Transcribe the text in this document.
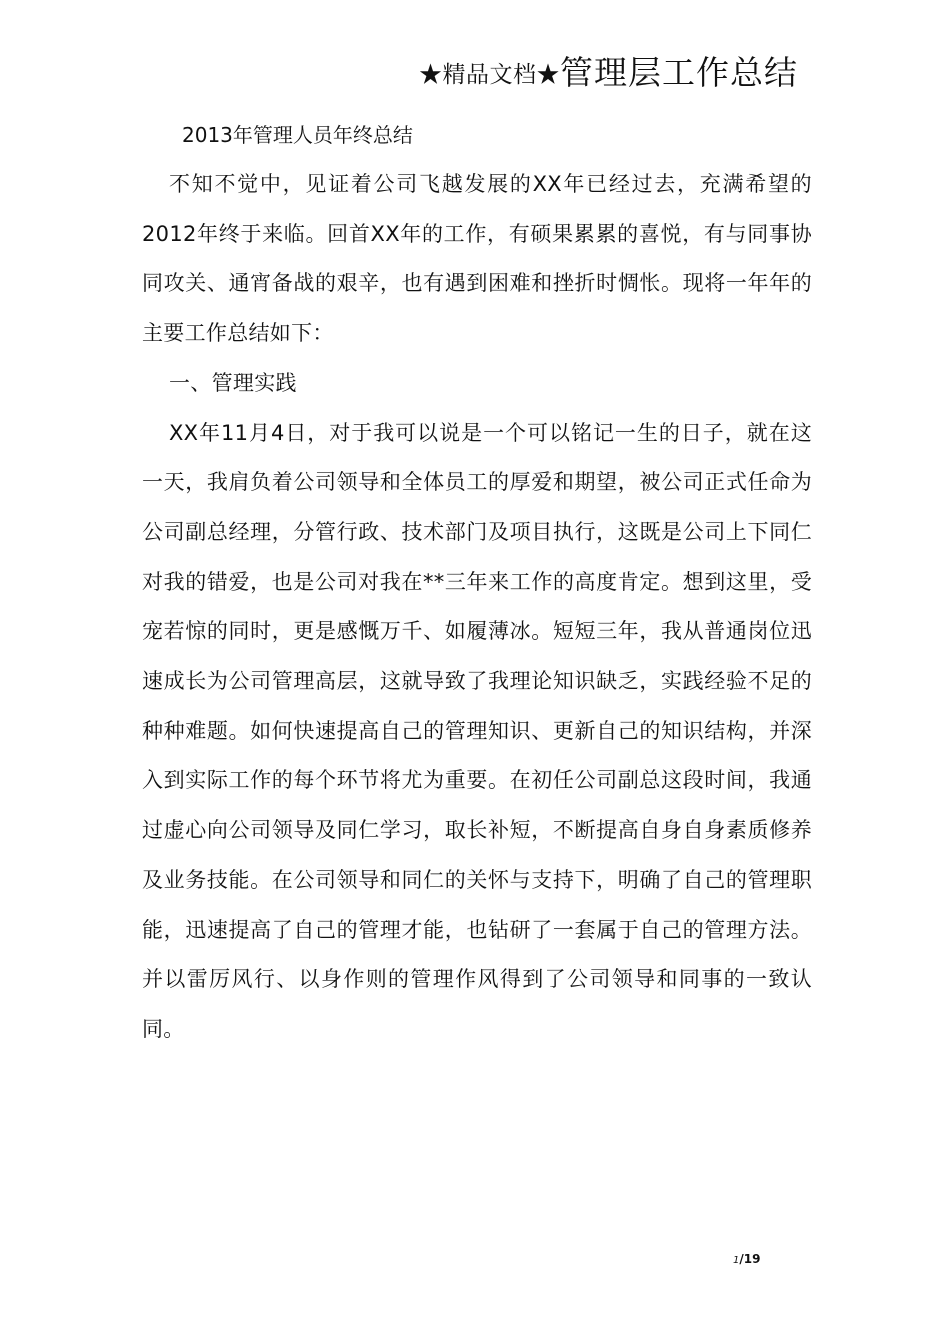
★精品文档★管理层工作总结
2013年管理人员年终总结

不知不觉中，见证着公司飞越发展的XX年已经过去，充满希望的2012年终于来临。回首XX年的工作，有硕果累累的喜悦，有与同事协同攻关、通宵备战的艰辛，也有遇到困难和挫折时惆怅。现将一年年的主要工作总结如下：

一、管理实践

XX年11月4日，对于我可以说是一个可以铭记一生的日子，就在这一天，我肩负着公司领导和全体员工的厚爱和期望，被公司正式任命为公司副总经理，分管行政、技术部门及项目执行，这既是公司上下同仁对我的错爱，也是公司对我在**三年来工作的高度肯定。想到这里，受宠若惊的同时，更是感慨万千、如履薄冰。短短三年，我从普通岗位迅速成长为公司管理高层，这就导致了我理论知识缺乏，实践经验不足的种种难题。如何快速提高自己的管理知识、更新自己的知识结构，并深入到实际工作的每个环节将尤为重要。在初任公司副总这段时间，我通过虚心向公司领导及同仁学习，取长补短，不断提高自身自身素质修养及业务技能。在公司领导和同仁的关怀与支持下，明确了自己的管理职能，迅速提高了自己的管理才能，也钻研了一套属于自己的管理方法。并以雷厉风行、以身作则的管理作风得到了公司领导和同事的一致认同。

1/19
